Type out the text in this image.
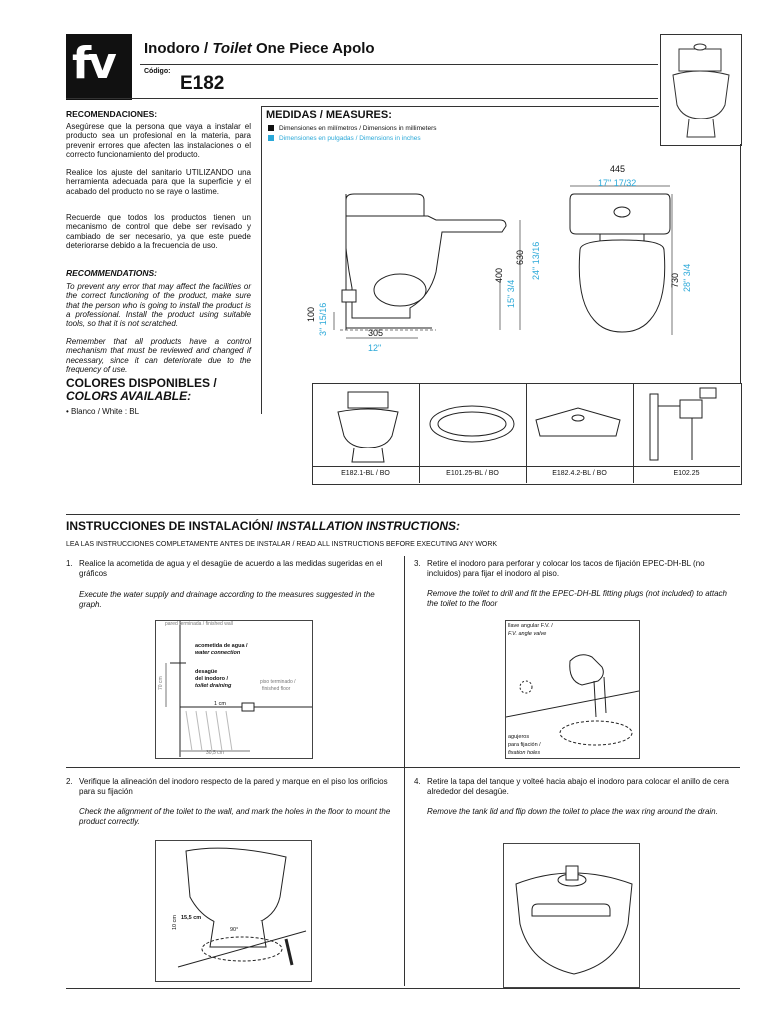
fv Inodoro / Toilet One Piece Apolo
Código:
E182
RECOMENDACIONES:
Asegúrese que la persona que vaya a instalar el producto sea un profesional en la materia, para prevenir errores que afecten las instalaciones o el correcto funcionamiento del producto.
Realice los ajuste del sanitario UTILIZANDO una herramienta adecuada para que la superficie y el acabado del producto no se raye o lastime.
Recuerde que todos los productos tienen un mecanismo de control que debe ser revisado y cambiado de ser necesario, ya que este puede deteriorarse debido a la frecuencia de uso.
RECOMMENDATIONS:
To prevent any error that may affect the facilities or the correct functioning of the product, make sure that the person who is going to install the product is a professional. Install the product using suitable tools, so that it is not scratched.
Remember that all products have a control mechanism that must be reviewed and changed if necessary, since it can deteriorate due to the frequency of use.
COLORES DISPONIBLES /
COLORS AVAILABLE:
• Blanco / White : BL
MEDIDAS / MEASURES:
Dimensiones en milímetros / Dimensions in millimeters
Dimensiones en pulgadas / Dimensions in inches
400
15" 3/4
630 24" 13/16
100 3" 15/16	305
12"
445
17" 17/32
730 28" 3/4
E182.1-BL / BO	E101.25-BL / BO	E182.4.2-BL / BO	E102.25
INSTRUCCIONES DE INSTALACIÓN/ INSTALLATION INSTRUCTIONS:
LEA LAS INSTRUCCIONES COMPLETAMENTE ANTES DE INSTALAR / READ ALL INSTRUCTIONS BEFORE EXECUTING ANY WORK
1. Realice la acometida de agua y el desagüe de acuerdo a las medidas sugeridas en el gráficos
Execute the water supply and drainage according to the measures suggested in the graph.
pared terminada / finished wall
acometida de agua /
water connection
desagüe
del inodoro /
toilet draining
piso terminado /
finished floor
70 cm
1 cm
30,5 cm
3. Retire el inodoro para perforar y colocar los tacos de fijación EPEC-DH-BL (no incluidos) para fijar el inodoro al piso.
Remove the toilet to drill and fit the EPEC-DH-BL fitting plugs (not included) to attach the toilet to the floor
llave angular F.V. /
F.V. angle valve
agujeros
para fijación /
fixation holes
2. Verifique la alineación del inodoro respecto de la pared y marque en el piso los orificios para su fijación
Check the alignment of the toilet to the wall, and mark the holes in the floor to mount the product correctly.
15,5 cm
10 cm	90°
4. Retire la tapa del tanque y volteé hacia abajo el inodoro para colocar el anillo de cera alrededor del desagüe.
Remove the tank lid and flip down the toilet to place the wax ring around the drain.
